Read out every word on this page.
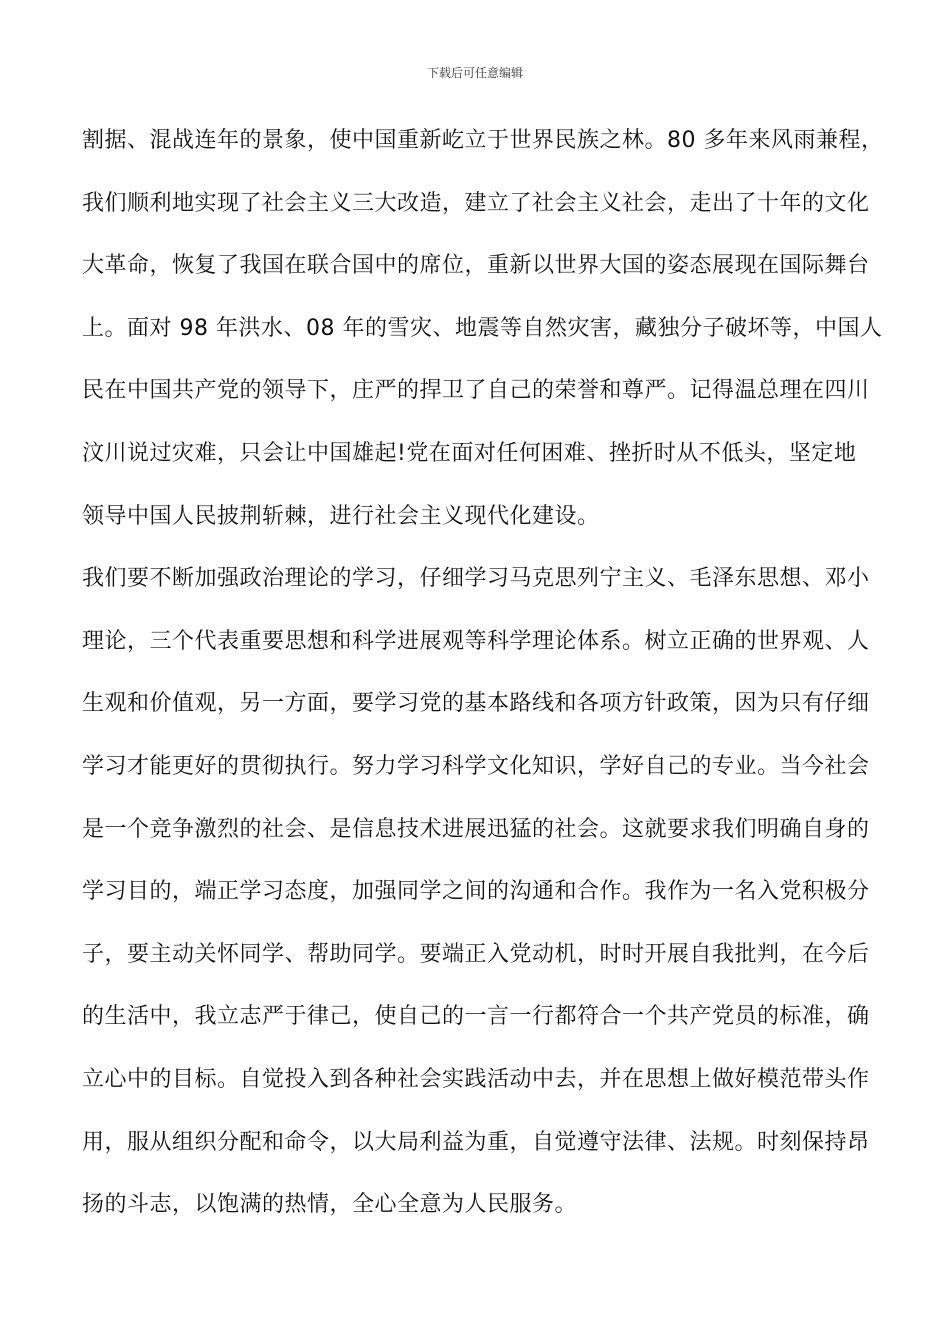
下载后可任意编辑
割据、混战连年的景象，使中国重新屹立于世界民族之林。80 多年来风雨兼程，
我们顺利地实现了社会主义三大改造，建立了社会主义社会，走出了十年的文化
大革命，恢复了我国在联合国中的席位，重新以世界大国的姿态展现在国际舞台
上。面对 98 年洪水、08 年的雪灾、地震等自然灾害，藏独分子破坏等，中国人
民在中国共产党的领导下，庄严的捍卫了自己的荣誉和尊严。记得温总理在四川
汶川说过灾难，只会让中国雄起!党在面对任何困难、挫折时从不低头，坚定地
领导中国人民披荆斩棘，进行社会主义现代化建设。
我们要不断加强政治理论的学习，仔细学习马克思列宁主义、毛泽东思想、邓小
理论，三个代表重要思想和科学进展观等科学理论体系。树立正确的世界观、人
生观和价值观，另一方面，要学习党的基本路线和各项方针政策，因为只有仔细
学习才能更好的贯彻执行。努力学习科学文化知识，学好自己的专业。当今社会
是一个竞争激烈的社会、是信息技术进展迅猛的社会。这就要求我们明确自身的
学习目的，端正学习态度，加强同学之间的沟通和合作。我作为一名入党积极分
子，要主动关怀同学、帮助同学。要端正入党动机，时时开展自我批判，在今后
的生活中，我立志严于律己，使自己的一言一行都符合一个共产党员的标准，确
立心中的目标。自觉投入到各种社会实践活动中去，并在思想上做好模范带头作
用，服从组织分配和命令，以大局利益为重，自觉遵守法律、法规。时刻保持昂
扬的斗志，以饱满的热情，全心全意为人民服务。
